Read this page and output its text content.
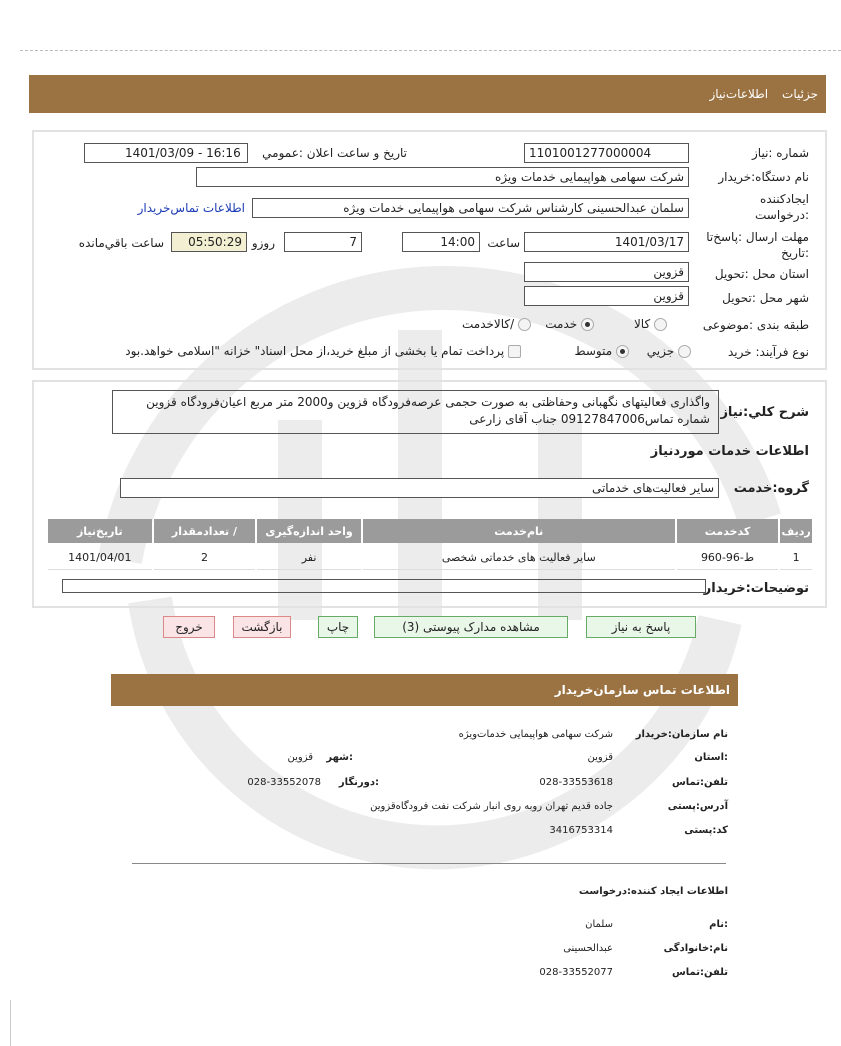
جزئیات
اطلاعات‌نیاز
شماره :نیاز
1101001277000004
تاریخ و ساعت اعلان :عمومي
1401/03/09 - 16:16
نام دستگاه:خریدار
شرکت سهامی هواپیمایی خدمات ویژه
ایجادکننده
:درخواست
سلمان عبدالحسینی کارشناس شرکت سهامی هواپیمایی خدمات ویژه
اطلاعات تماس‌خریدار
مهلت ارسال :پاسخ‌تا
:تاریخ
1401/03/17
ساعت
14:00
7
روزو
05:50:29
ساعت باقي‌مانده
استان محل :تحویل
قزوین
شهر محل :تحویل
قزوین
طبقه بندی :موضوعی
کالا
خدمت
/کالاخدمت
نوع فرآیند: خرید
جزیي
متوسط
پرداخت تمام یا بخشی از مبلغ خرید،از محل اسناد" خزانه "اسلامی خواهد.بود
شرح کلي:نیاز
واگذاری فعالیتهای نگهبانی وحفاظتی به صورت حجمی عرصه‌فرودگاه قزوین و2000 متر مربع اعیان‌فرودگاه قزوین شماره تماس09127847006 جناب آقای زارعی
اطلاعات خدمات موردنیاز
گروه:خدمت
سایر فعالیت‌های خدماتی
ردیف	کدخدمت	نام‌خدمت	واحد اندازه‌گیری	/ تعدادمقدار	تاریخ‌نیاز
1	ط-96-960	سایر فعالیت های خدماتی شخصی	نفر	2	1401/04/01
توضیحات:خریدار
پاسخ به نیاز
مشاهده مدارک پیوستی (3)
چاپ
بازگشت
خروج
اطلاعات تماس سازمان‌خریدار
نام سازمان:خریدار
شرکت سهامی هواپیمایی خدمات‌ویژه
:استان
قزوین
:شهر
قزوین
تلفن:تماس
028-33553618
:دورنگار
028-33552078
آدرس:پستی
جاده قدیم تهران روبه روی انبار شرکت نفت فرودگاه‌قزوین
کد:پستی
3416753314
اطلاعات ایجاد کننده:درخواست
:نام
سلمان
نام:خانوادگی
عبدالحسینی
تلفن:تماس
028-33552077
